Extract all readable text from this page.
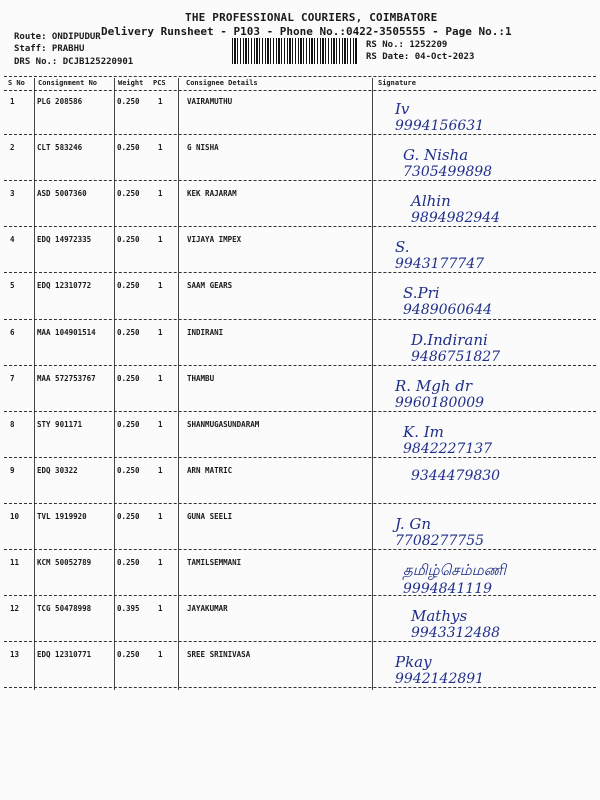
THE PROFESSIONAL COURIERS, COIMBATORE
Delivery Runsheet - P103 - Phone No.:0422-3505555 - Page No.:1
Route: ONDIPUDUR
Staff: PRABHU
DRS No.: DCJB125220901
RS No.: 1252209
RS Date: 04-Oct-2023
S No Consignment No	Weight PCS	Consignee Details	Signature
1	PLG 208586	0.250 1	VAIRAMUTHU	Iv
9994156631
2	CLT 583246	0.250 1	G NISHA	G. Nisha
7305499898
3	ASD 5007360	0.250 1	KEK RAJARAM	Alhin
9894982944
4	EDQ 14972335	0.250 1	VIJAYA IMPEX	S.
9943177747
5	EDQ 12310772	0.250 1	SAAM GEARS	S.Pri
9489060644
6	MAA 104901514	0.250 1	INDIRANI	D.Indirani
9486751827
7	MAA 572753767	0.250 1	THAMBU	R. Mgh dr
9960180009
8	STY 901171	0.250 1	SHANMUGASUNDARAM	K. Im
9842227137
9	EDQ 30322	0.250 1	ARN MATRIC	9344479830
10 TVL 1919920	0.250 1	GUNA SEELI	J. Gn
7708277755
11 KCM 50052789	0.250 1	TAMILSEMMANI	தமிழ்செம்மணி
9994841119
12 TCG 50478998	0.395 1	JAYAKUMAR	Mathys
9943312488
13 EDQ 12310771	0.250 1	SREE SRINIVASA	Pkay
9942142891
